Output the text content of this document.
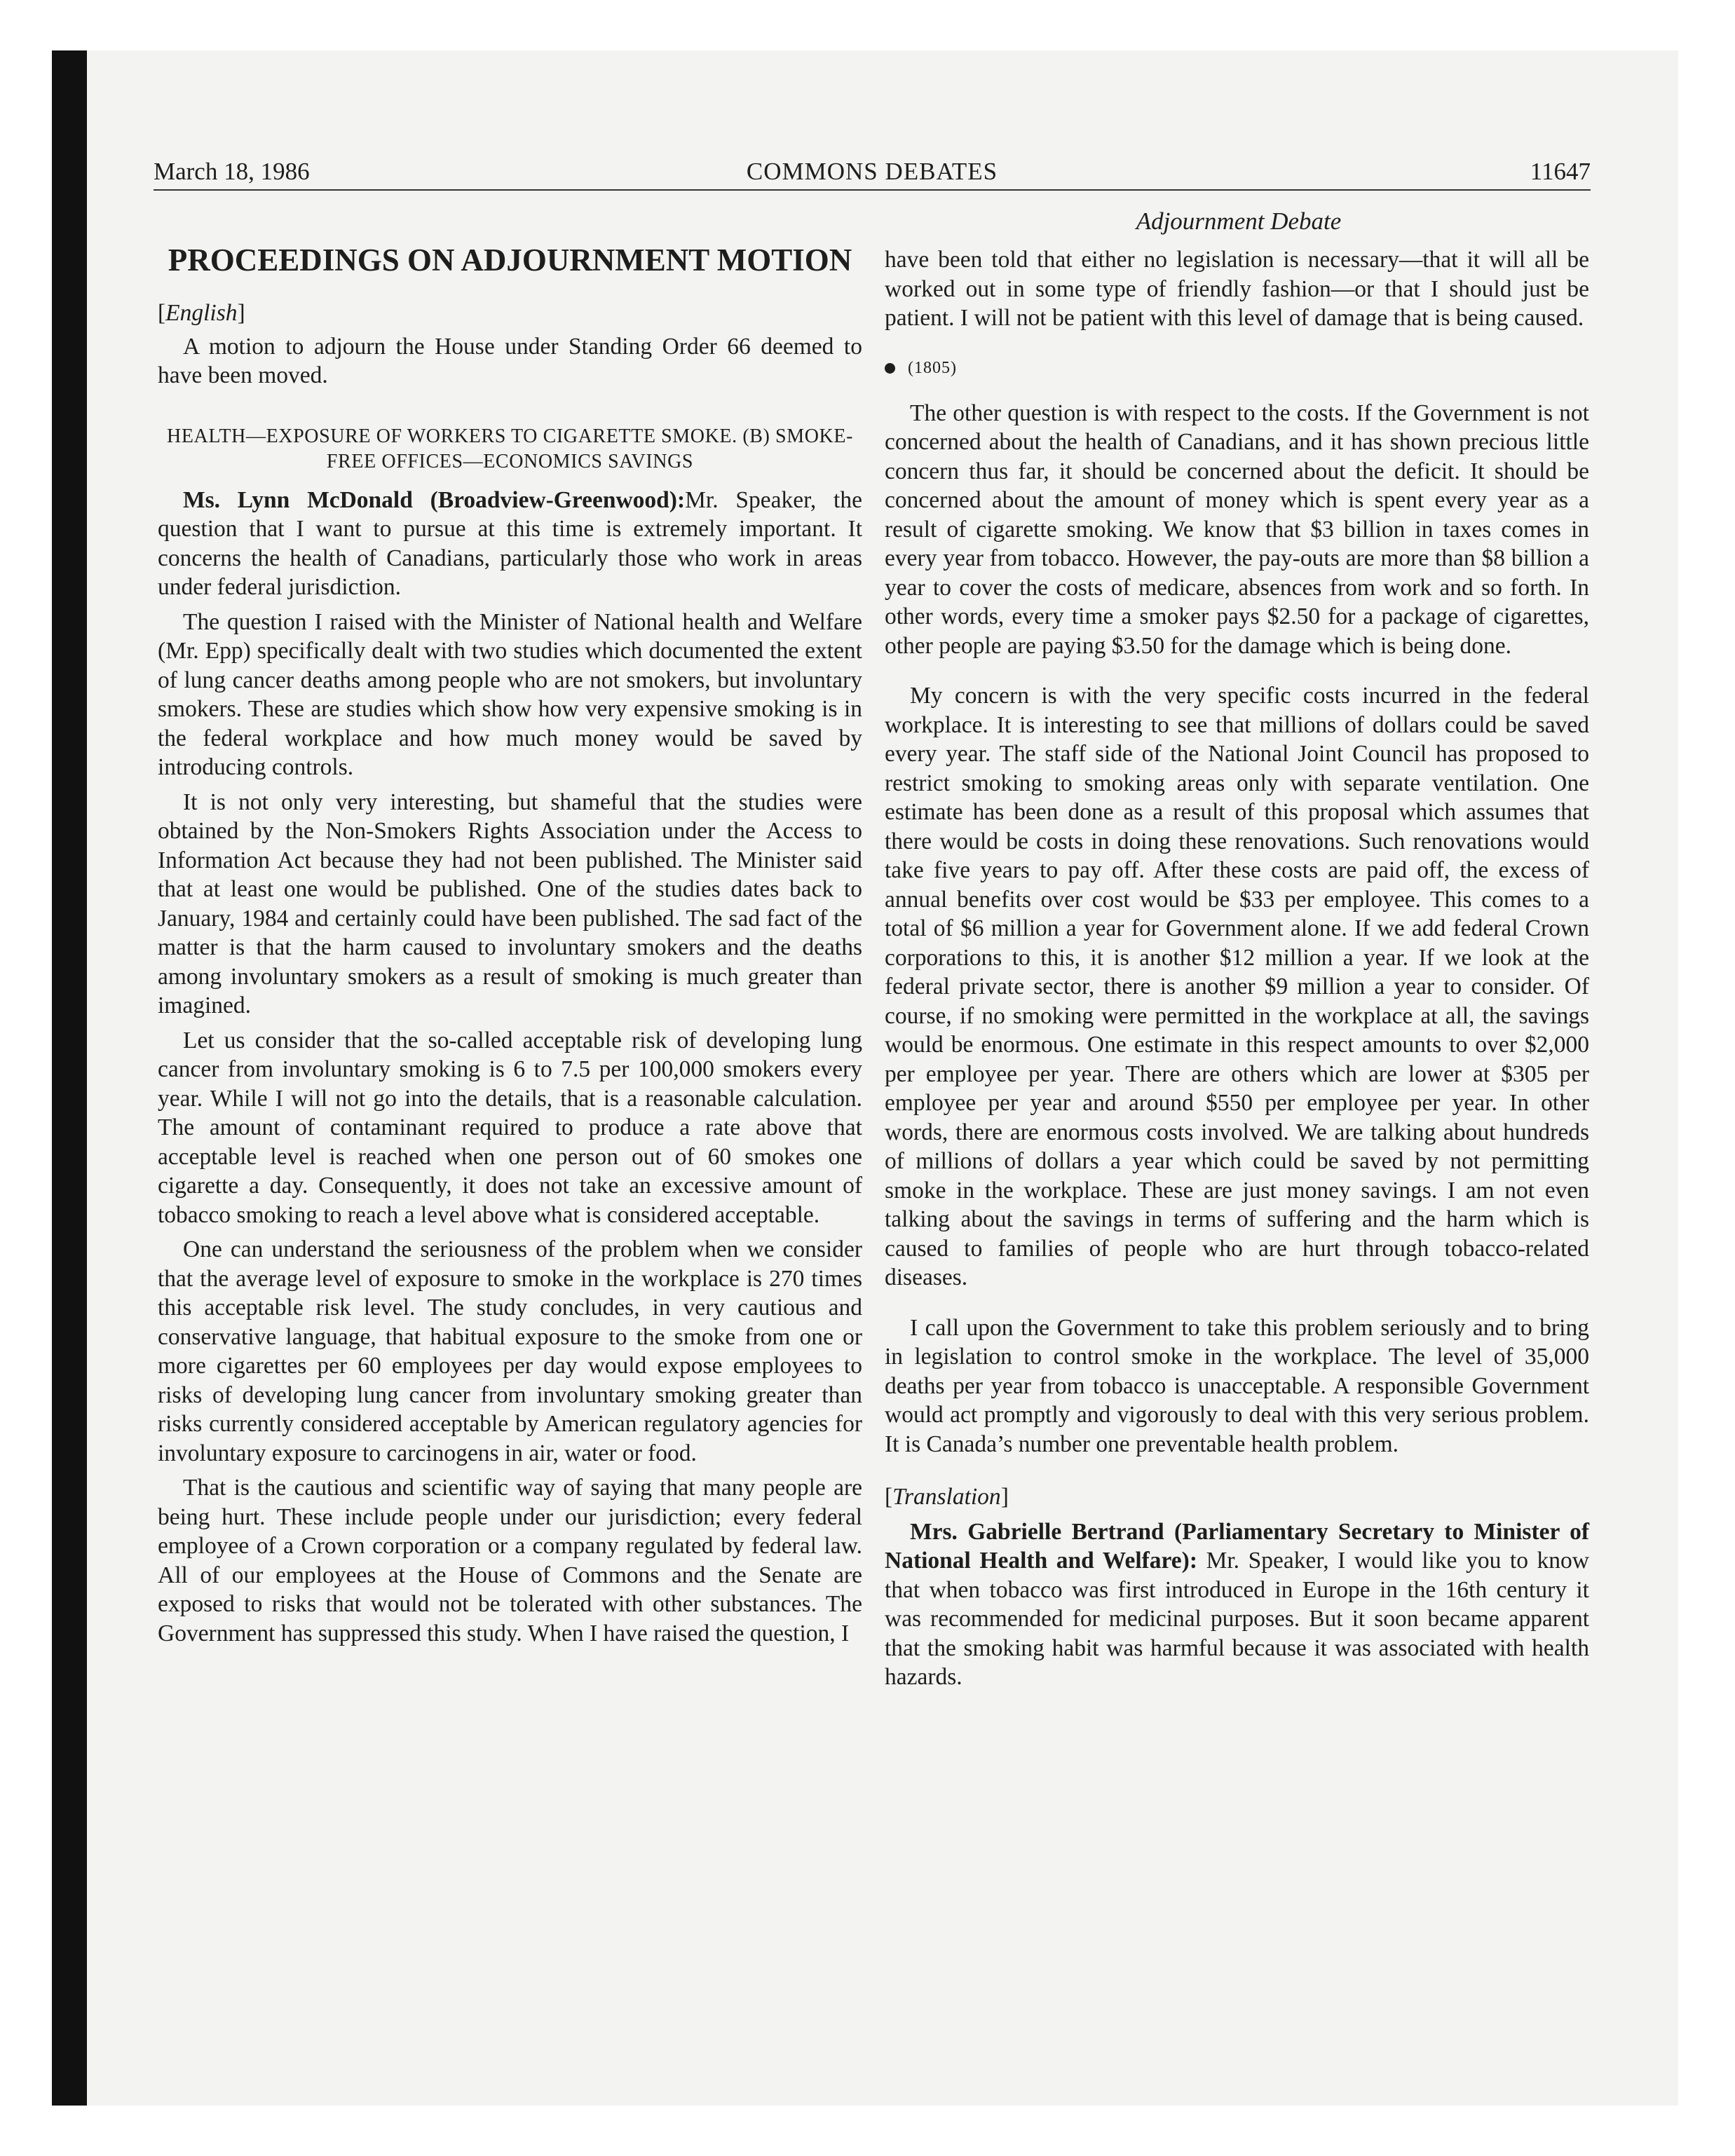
March 18, 1986	COMMONS DEBATES	11647
Adjournment Debate
PROCEEDINGS ON ADJOURNMENT MOTION
[English]

A motion to adjourn the House under Standing Order 66 deemed to have been moved.

HEALTH—EXPOSURE OF WORKERS TO CIGARETTE SMOKE. (B) SMOKE-FREE OFFICES—ECONOMICS SAVINGS

Ms. Lynn McDonald (Broadview-Greenwood):Mr. Speaker, the question that I want to pursue at this time is extremely important. It concerns the health of Canadians, particularly those who work in areas under federal jurisdiction.

The question I raised with the Minister of National health and Welfare (Mr. Epp) specifically dealt with two studies which documented the extent of lung cancer deaths among people who are not smokers, but involuntary smokers. These are studies which show how very expensive smoking is in the federal workplace and how much money would be saved by introducing controls.

It is not only very interesting, but shameful that the studies were obtained by the Non-Smokers Rights Association under the Access to Information Act because they had not been published. The Minister said that at least one would be published. One of the studies dates back to January, 1984 and certainly could have been published. The sad fact of the matter is that the harm caused to involuntary smokers and the deaths among involuntary smokers as a result of smoking is much greater than imagined.

Let us consider that the so-called acceptable risk of developing lung cancer from involuntary smoking is 6 to 7.5 per 100,000 smokers every year. While I will not go into the details, that is a reasonable calculation. The amount of contaminant required to produce a rate above that acceptable level is reached when one person out of 60 smokes one cigarette a day. Consequently, it does not take an excessive amount of tobacco smoking to reach a level above what is considered acceptable.

One can understand the seriousness of the problem when we consider that the average level of exposure to smoke in the workplace is 270 times this acceptable risk level. The study concludes, in very cautious and conservative language, that habitual exposure to the smoke from one or more cigarettes per 60 employees per day would expose employees to risks of developing lung cancer from involuntary smoking greater than risks currently considered acceptable by American regulatory agencies for involuntary exposure to carcinogens in air, water or food.

That is the cautious and scientific way of saying that many people are being hurt. These include people under our jurisdiction; every federal employee of a Crown corporation or a company regulated by federal law. All of our employees at the House of Commons and the Senate are exposed to risks that would not be tolerated with other substances. The Government has suppressed this study. When I have raised the question, I

have been told that either no legislation is necessary—that it will all be worked out in some type of friendly fashion—or that I should just be patient. I will not be patient with this level of damage that is being caused.

(1805)

The other question is with respect to the costs. If the Government is not concerned about the health of Canadians, and it has shown precious little concern thus far, it should be concerned about the deficit. It should be concerned about the amount of money which is spent every year as a result of cigarette smoking. We know that $3 billion in taxes comes in every year from tobacco. However, the pay-outs are more than $8 billion a year to cover the costs of medicare, absences from work and so forth. In other words, every time a smoker pays $2.50 for a package of cigarettes, other people are paying $3.50 for the damage which is being done.

My concern is with the very specific costs incurred in the federal workplace. It is interesting to see that millions of dollars could be saved every year. The staff side of the National Joint Council has proposed to restrict smoking to smoking areas only with separate ventilation. One estimate has been done as a result of this proposal which assumes that there would be costs in doing these renovations. Such renovations would take five years to pay off. After these costs are paid off, the excess of annual benefits over cost would be $33 per employee. This comes to a total of $6 million a year for Government alone. If we add federal Crown corporations to this, it is another $12 million a year. If we look at the federal private sector, there is another $9 million a year to consider. Of course, if no smoking were permitted in the workplace at all, the savings would be enormous. One estimate in this respect amounts to over $2,000 per employee per year. There are others which are lower at $305 per employee per year and around $550 per employee per year. In other words, there are enormous costs involved. We are talking about hundreds of millions of dollars a year which could be saved by not permitting smoke in the workplace. These are just money savings. I am not even talking about the savings in terms of suffering and the harm which is caused to families of people who are hurt through tobacco-related diseases.

I call upon the Government to take this problem seriously and to bring in legislation to control smoke in the workplace. The level of 35,000 deaths per year from tobacco is unacceptable. A responsible Government would act promptly and vigorously to deal with this very serious problem. It is Canada’s number one preventable health problem.

[Translation]

Mrs. Gabrielle Bertrand (Parliamentary Secretary to Minister of National Health and Welfare): Mr. Speaker, I would like you to know that when tobacco was first introduced in Europe in the 16th century it was recommended for medicinal purposes. But it soon became apparent that the smoking habit was harmful because it was associated with health hazards.
